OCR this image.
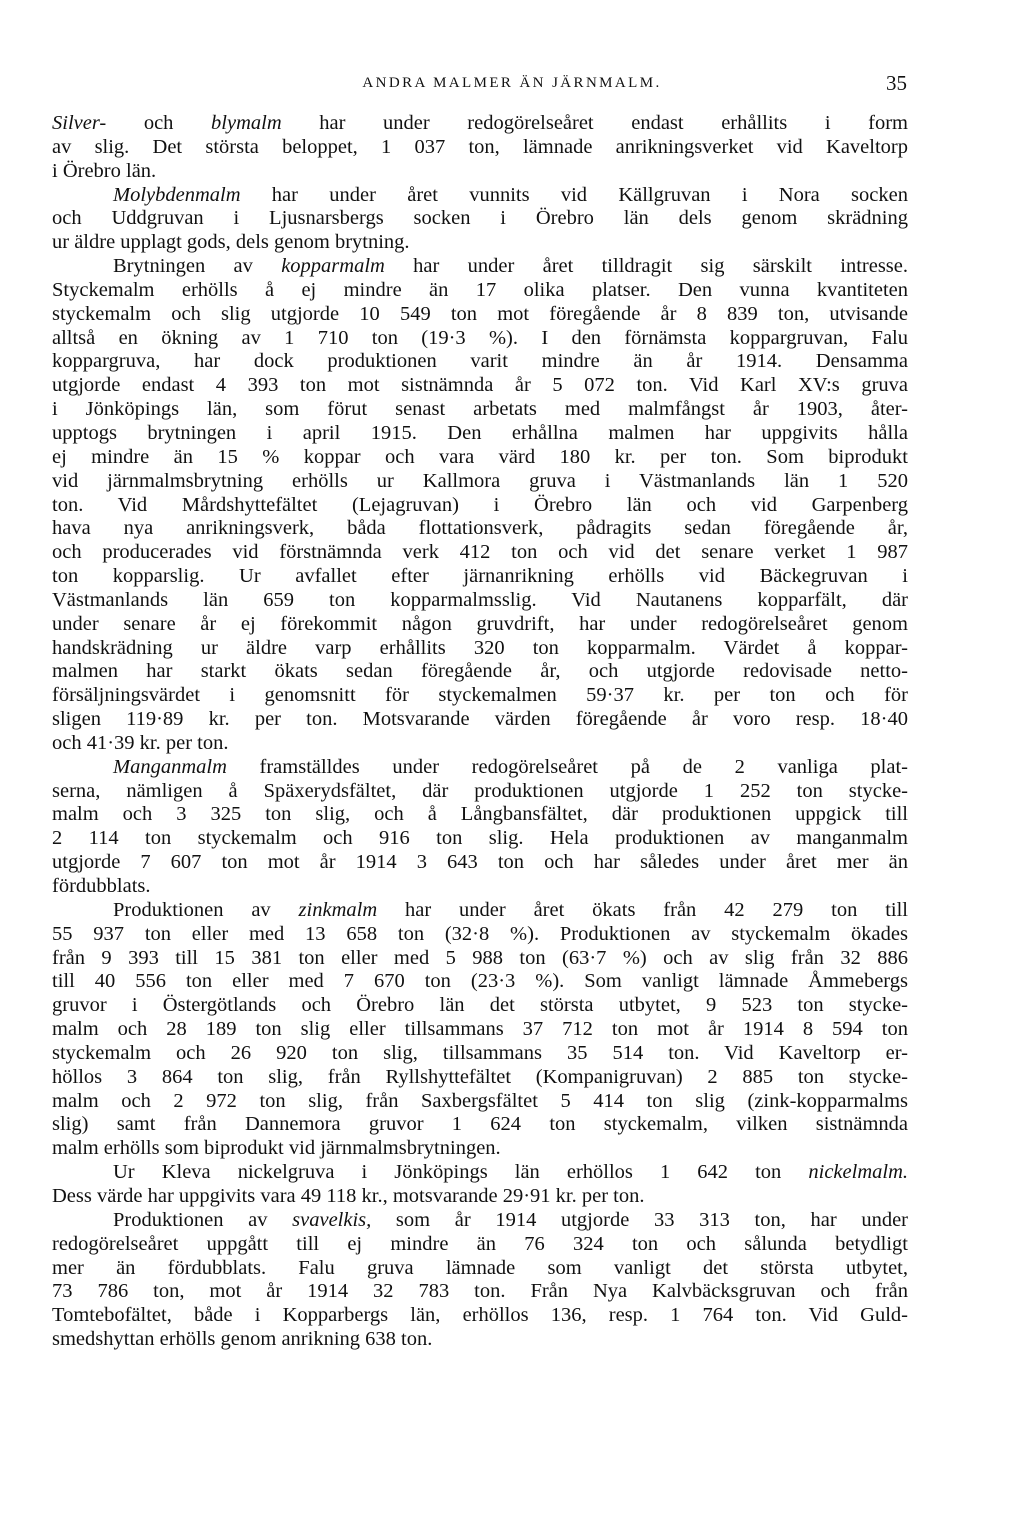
ANDRA MALMER ÄN JÄRNMALM.	35
Silver- och blymalm har under redogörelseåret endast erhållits i form
av slig. Det största beloppet, 1 037 ton, lämnade anrikningsverket vid Kaveltorp
i Örebro län.
Molybdenmalm har under året vunnits vid Källgruvan i Nora socken
och Uddgruvan i Ljusnarsbergs socken i Örebro län dels genom skrädning
ur äldre upplagt gods, dels genom brytning.
Brytningen av kopparmalm har under året tilldragit sig särskilt intresse.
Styckemalm erhölls å ej mindre än 17 olika platser. Den vunna kvantiteten
styckemalm och slig utgjorde 10 549 ton mot föregående år 8 839 ton, utvisande
alltså en ökning av 1 710 ton (19·3 %). I den förnämsta koppargruvan, Falu
koppargruva, har dock produktionen varit mindre än år 1914. Densamma
utgjorde endast 4 393 ton mot sistnämnda år 5 072 ton. Vid Karl XV:s gruva
i Jönköpings län, som förut senast arbetats med malmfångst år 1903, åter-
upptogs brytningen i april 1915. Den erhållna malmen har uppgivits hålla
ej mindre än 15 % koppar och vara värd 180 kr. per ton. Som biprodukt
vid järnmalmsbrytning erhölls ur Kallmora gruva i Västmanlands län 1 520
ton. Vid Mårdshyttefältet (Lejagruvan) i Örebro län och vid Garpenberg
hava nya anrikningsverk, båda flottationsverk, pådragits sedan föregående år,
och producerades vid förstnämnda verk 412 ton och vid det senare verket 1 987
ton kopparslig. Ur avfallet efter järnanrikning erhölls vid Bäckegruvan i
Västmanlands län 659 ton kopparmalmsslig. Vid Nautanens kopparfält, där
under senare år ej förekommit någon gruvdrift, har under redogörelseåret genom
handskrädning ur äldre varp erhållits 320 ton kopparmalm. Värdet å koppar-
malmen har starkt ökats sedan föregående år, och utgjorde redovisade netto-
försäljningsvärdet i genomsnitt för styckemalmen 59·37 kr. per ton och för
sligen 119·89 kr. per ton. Motsvarande värden föregående år voro resp. 18·40
och 41·39 kr. per ton.
Manganmalm framställdes under redogörelseåret på de 2 vanliga plat-
serna, nämligen å Späxerydsfältet, där produktionen utgjorde 1 252 ton stycke-
malm och 3 325 ton slig, och å Långbansfältet, där produktionen uppgick till
2 114 ton styckemalm och 916 ton slig. Hela produktionen av manganmalm
utgjorde 7 607 ton mot år 1914 3 643 ton och har således under året mer än
fördubblats.
Produktionen av zinkmalm har under året ökats från 42 279 ton till
55 937 ton eller med 13 658 ton (32·8 %). Produktionen av styckemalm ökades
från 9 393 till 15 381 ton eller med 5 988 ton (63·7 %) och av slig från 32 886
till 40 556 ton eller med 7 670 ton (23·3 %). Som vanligt lämnade Åmmebergs
gruvor i Östergötlands och Örebro län det största utbytet, 9 523 ton stycke-
malm och 28 189 ton slig eller tillsammans 37 712 ton mot år 1914 8 594 ton
styckemalm och 26 920 ton slig, tillsammans 35 514 ton. Vid Kaveltorp er-
höllos 3 864 ton slig, från Ryllshyttefältet (Kompanigruvan) 2 885 ton stycke-
malm och 2 972 ton slig, från Saxbergsfältet 5 414 ton slig (zink-kopparmalms
slig) samt från Dannemora gruvor 1 624 ton styckemalm, vilken sistnämnda
malm erhölls som biprodukt vid järnmalmsbrytningen.
Ur Kleva nickelgruva i Jönköpings län erhöllos 1 642 ton nickelmalm.
Dess värde har uppgivits vara 49 118 kr., motsvarande 29·91 kr. per ton.
Produktionen av svavelkis, som år 1914 utgjorde 33 313 ton, har under
redogörelseåret uppgått till ej mindre än 76 324 ton och sålunda betydligt
mer än fördubblats. Falu gruva lämnade som vanligt det största utbytet,
73 786 ton, mot år 1914 32 783 ton. Från Nya Kalvbäcksgruvan och från
Tomtebofältet, både i Kopparbergs län, erhöllos 136, resp. 1 764 ton. Vid Guld-
smedshyttan erhölls genom anrikning 638 ton.
